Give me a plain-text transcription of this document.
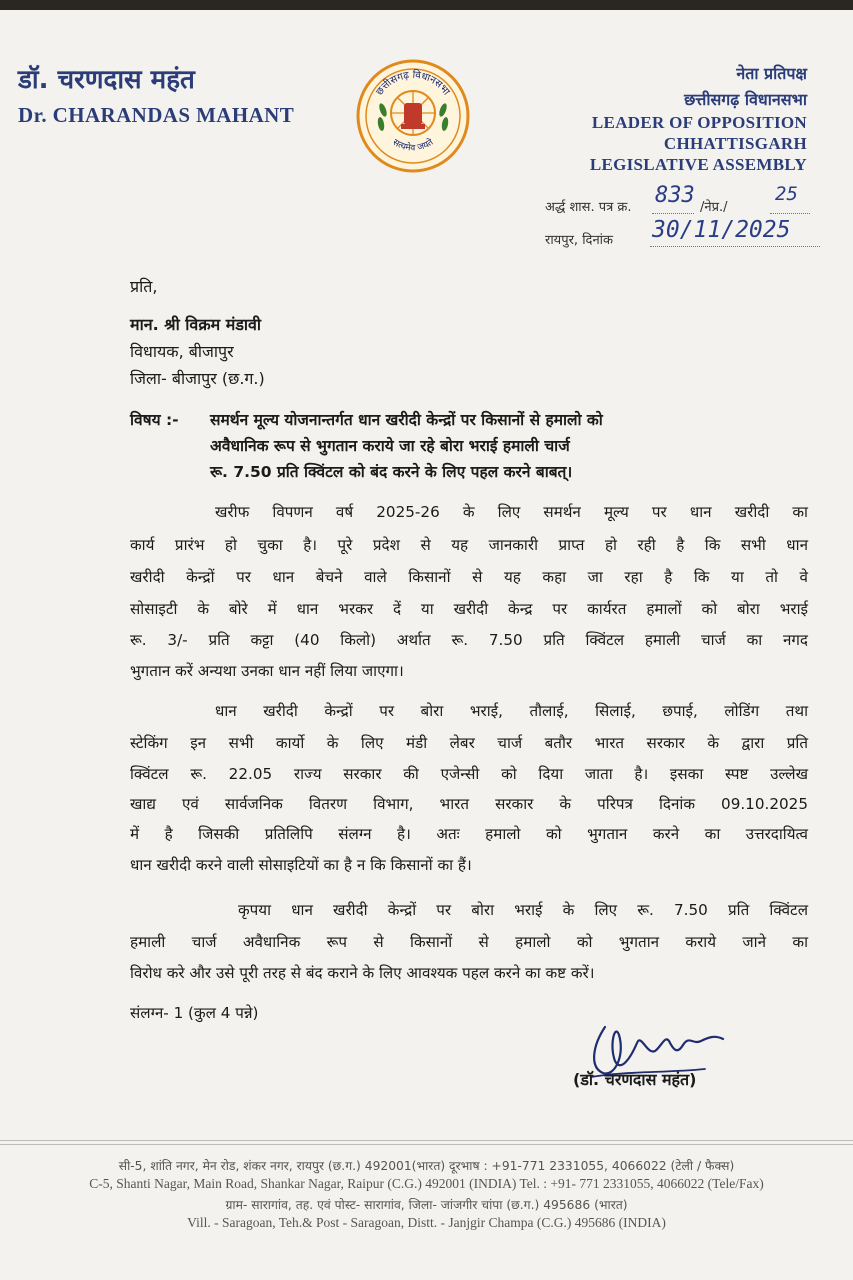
डॉ. चरणदास महंत
Dr. CHARANDAS MAHANT
छत्तीसगढ़ विधानसभा
सत्यमेव जयते
नेता प्रतिपक्ष
छत्तीसगढ़ विधानसभा
LEADER OF OPPOSITION
CHHATTISGARH
LEGISLATIVE ASSEMBLY
अर्द्ध शास. पत्र क्र. 833 /नेप्र./
25
रायपुर, दिनांक 30/11/2025
प्रति,
मान. श्री विक्रम मंडावी
विधायक, बीजापुर
जिला- बीजापुर (छ.ग.)
विषय :- समर्थन मूल्य योजनान्तर्गत धान खरीदी केन्द्रों पर किसानों से हमालो को
अवैधानिक रूप से भुगतान कराये जा रहे बोरा भराई हमाली चार्ज
रू. 7.50 प्रति क्विंटल को बंद करने के लिए पहल करने बाबत्।
खरीफ विपणन वर्ष 2025-26 के लिए समर्थन मूल्य पर धान खरीदी का
कार्य प्रारंभ हो चुका है। पूरे प्रदेश से यह जानकारी प्राप्त हो रही है कि सभी धान
खरीदी केन्द्रों पर धान बेचने वाले किसानों से यह कहा जा रहा है कि या तो वे
सोसाइटी के बोरे में धान भरकर दें या खरीदी केन्द्र पर कार्यरत हमालों को बोरा भराई
रू. 3/- प्रति कट्टा (40 किलो) अर्थात रू. 7.50 प्रति क्विंटल हमाली चार्ज का नगद
भुगतान करें अन्यथा उनका धान नहीं लिया जाएगा।
धान खरीदी केन्द्रों पर बोरा भराई, तौलाई, सिलाई, छपाई, लोडिंग तथा
स्टेकिंग इन सभी कार्यो के लिए मंडी लेबर चार्ज बतौर भारत सरकार के द्वारा प्रति
क्विंटल रू. 22.05 राज्य सरकार की एजेन्सी को दिया जाता है। इसका स्पष्ट उल्लेख
खाद्य एवं सार्वजनिक वितरण विभाग, भारत सरकार के परिपत्र दिनांक 09.10.2025
में है जिसकी प्रतिलिपि संलग्न है। अतः हमालो को भुगतान करने का उत्तरदायित्व
धान खरीदी करने वाली सोसाइटियों का है न कि किसानों का हैं।
कृपया धान खरीदी केन्द्रों पर बोरा भराई के लिए रू. 7.50 प्रति क्विंटल
हमाली चार्ज अवैधानिक रूप से किसानों से हमालो को भुगतान कराये जाने का
विरोध करे और उसे पूरी तरह से बंद कराने के लिए आवश्यक पहल करने का कष्ट करें।
संलग्न- 1 (कुल 4 पन्ने)
(डॉ. चरणदास महंत)
सी-5, शांति नगर, मेन रोड, शंकर नगर, रायपुर (छ.ग.) 492001(भारत) दूरभाष : +91-771 2331055, 4066022 (टेली / फैक्स)
C-5, Shanti Nagar, Main Road, Shankar Nagar, Raipur (C.G.) 492001 (INDIA) Tel. : +91- 771 2331055, 4066022 (Tele/Fax)
ग्राम- सारागांव, तह. एवं पोस्ट- सारागांव, जिला- जांजगीर चांपा (छ.ग.) 495686 (भारत)
Vill. - Saragoan, Teh.& Post - Saragoan, Distt. - Janjgir Champa (C.G.) 495686 (INDIA)
